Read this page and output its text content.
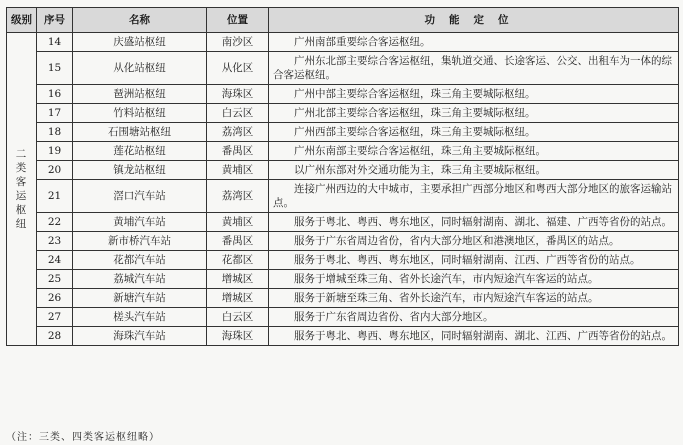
级别	序号	名称	位置	功能定位
二类客运枢纽	14	庆盛站枢纽	南沙区	广州南部重要综合客运枢纽。
	15	从化站枢纽	从化区	广州东北部主要综合客运枢纽，集轨道交通、长途客运、公交、出租车为一体的综合客运枢纽。
	16	琶洲站枢纽	海珠区	广州中部主要综合客运枢纽，珠三角主要城际枢纽。
	17	竹料站枢纽	白云区	广州北部主要综合客运枢纽，珠三角主要城际枢纽。
	18	石围塘站枢纽	荔湾区	广州西部主要综合客运枢纽，珠三角主要城际枢纽。
	19	莲花站枢纽	番禺区	广州东南部主要综合客运枢纽，珠三角主要城际枢纽。
	20	镇龙站枢纽	黄埔区	以广州东部对外交通功能为主，珠三角主要城际枢纽。
	21	滘口汽车站	荔湾区	连接广州西边的大中城市，主要承担广西部分地区和粤西大部分地区的旅客运输站点。
	22	黄埔汽车站	黄埔区	服务于粤北、粤西、粤东地区，同时辐射湖南、湖北、福建、广西等省份的站点。
	23	新市桥汽车站	番禺区	服务于广东省周边省份，省内大部分地区和港澳地区，番禺区的站点。
	24	花都汽车站	花都区	服务于粤北、粤西、粤东地区，同时辐射湖南、江西、广西等省份的站点。
	25	荔城汽车站	增城区	服务于增城至珠三角、省外长途汽车，市内短途汽车客运的站点。
	26	新塘汽车站	增城区	服务于新塘至珠三角、省外长途汽车，市内短途汽车客运的站点。
	27	槎头汽车站	白云区	服务于广东省周边省份、省内大部分地区。
	28	海珠汽车站	海珠区	服务于粤北、粤西、粤东地区，同时辐射湖南、湖北、江西、广西等省份的站点。
（注：三类、四类客运枢纽略）
